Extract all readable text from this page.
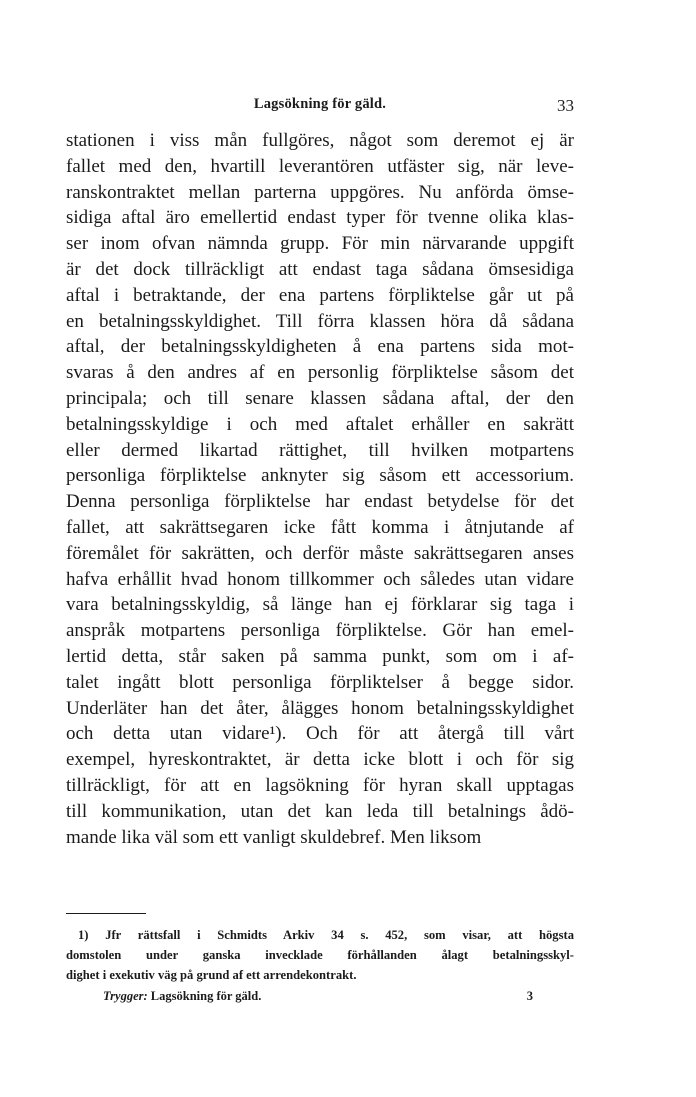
Lagsökning för gäld.	33
stationen i viss mån fullgöres, något som deremot ej är
fallet med den, hvartill leverantören utfäster sig, när leve-
ranskontraktet mellan parterna uppgöres. Nu anförda ömse-
sidiga aftal äro emellertid endast typer för tvenne olika klas-
ser inom ofvan nämnda grupp. För min närvarande uppgift
är det dock tillräckligt att endast taga sådana ömsesidiga
aftal i betraktande, der ena partens förpliktelse går ut på
en betalningsskyldighet. Till förra klassen höra då sådana
aftal, der betalningsskyldigheten å ena partens sida mot-
svaras å den andres af en personlig förpliktelse såsom det
principala; och till senare klassen sådana aftal, der den
betalningsskyldige i och med aftalet erhåller en sakrätt
eller dermed likartad rättighet, till hvilken motpartens
personliga förpliktelse anknyter sig såsom ett accessorium.
Denna personliga förpliktelse har endast betydelse för det
fallet, att sakrättsegaren icke fått komma i åtnjutande af
föremålet för sakrätten, och derför måste sakrättsegaren anses
hafva erhållit hvad honom tillkommer och således utan vidare
vara betalningsskyldig, så länge han ej förklarar sig taga i
anspråk motpartens personliga förpliktelse. Gör han emel-
lertid detta, står saken på samma punkt, som om i af-
talet ingått blott personliga förpliktelser å begge sidor.
Underläter han det åter, ålägges honom betalningsskyldighet
och detta utan vidare¹). Och för att återgå till vårt
exempel, hyreskontraktet, är detta icke blott i och för sig
tillräckligt, för att en lagsökning för hyran skall upptagas
till kommunikation, utan det kan leda till betalnings ådö-
mande lika väl som ett vanligt skuldebref. Men liksom
1) Jfr rättsfall i Schmidts Arkiv 34 s. 452, som visar, att högsta
domstolen under ganska invecklade förhållanden ålagt betalningsskyl-
dighet i exekutiv väg på grund af ett arrendekontrakt.
Trygger: Lagsökning för gäld.	3
